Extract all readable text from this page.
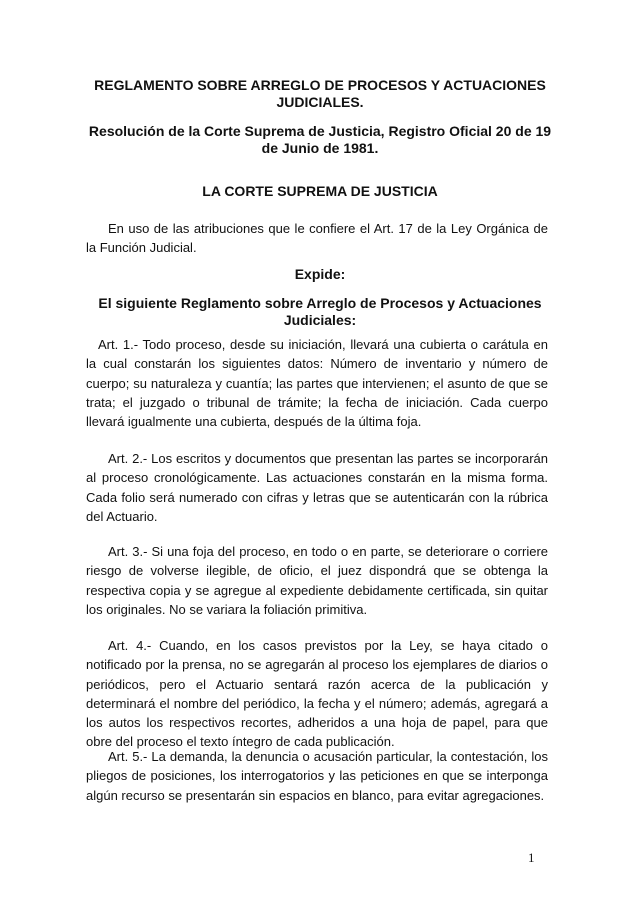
REGLAMENTO SOBRE ARREGLO DE PROCESOS Y ACTUACIONES JUDICIALES.
Resolución de la Corte Suprema de Justicia, Registro Oficial 20 de 19 de Junio de 1981.
LA CORTE SUPREMA DE JUSTICIA
En uso de las atribuciones que le confiere el Art. 17 de la Ley Orgánica de la Función Judicial.
Expide:
El siguiente Reglamento sobre Arreglo de Procesos y Actuaciones Judiciales:
Art. 1.- Todo proceso, desde su iniciación, llevará una cubierta o carátula en la cual constarán los siguientes datos: Número de inventario y número de cuerpo; su naturaleza y cuantía; las partes que intervienen; el asunto de que se trata; el juzgado o tribunal de trámite; la fecha de iniciación. Cada cuerpo llevará igualmente una cubierta, después de la última foja.
Art. 2.- Los escritos y documentos que presentan las partes se incorporarán al proceso cronológicamente. Las actuaciones constarán en la misma forma. Cada folio será numerado con cifras y letras que se autenticarán con la rúbrica del Actuario.
Art. 3.- Si una foja del proceso, en todo o en parte, se deteriorare o corriere riesgo de volverse ilegible, de oficio, el juez dispondrá que se obtenga la respectiva copia y se agregue al expediente debidamente certificada, sin quitar los originales. No se variara la foliación primitiva.
Art. 4.- Cuando, en los casos previstos por la Ley, se haya citado o notificado por la prensa, no se agregarán al proceso los ejemplares de diarios o periódicos, pero el Actuario sentará razón acerca de la publicación y determinará el nombre del periódico, la fecha y el número; además, agregará a los autos los respectivos recortes, adheridos a una hoja de papel, para que obre del proceso el texto íntegro de cada publicación.
Art. 5.- La demanda, la denuncia o acusación particular, la contestación, los pliegos de posiciones, los interrogatorios y las peticiones en que se interponga algún recurso se presentarán sin espacios en blanco, para evitar agregaciones.
1
